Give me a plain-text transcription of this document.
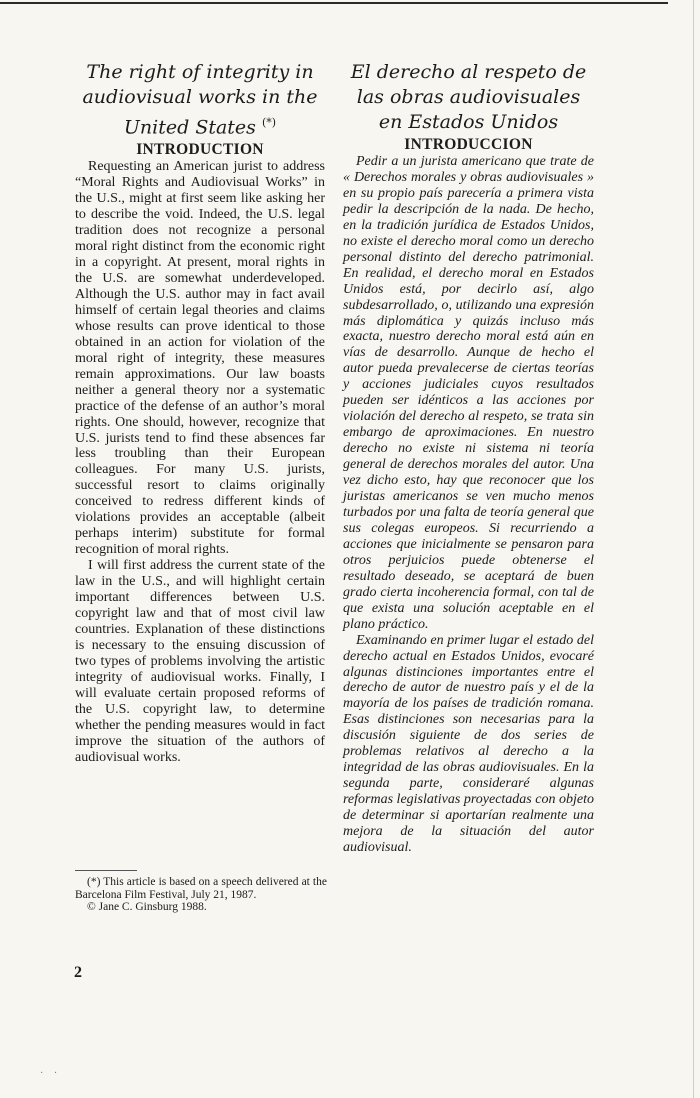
The right of integrity in
audiovisual works in the
United States (*)
INTRODUCTION

Requesting an American jurist to address “Moral Rights and Audiovisual Works” in the U.S., might at first seem like asking her to describe the void. Indeed, the U.S. legal tradition does not recognize a personal moral right distinct from the economic right in a copyright. At present, moral rights in the U.S. are somewhat underdeveloped. Although the U.S. author may in fact avail himself of certain legal theories and claims whose results can prove identical to those obtained in an action for violation of the moral right of integrity, these measures remain approximations. Our law boasts neither a general theory nor a systematic practice of the defense of an author’s moral rights. One should, however, recognize that U.S. jurists tend to find these absences far less troubling than their European colleagues. For many U.S. jurists, successful resort to claims originally conceived to redress different kinds of violations provides an acceptable (albeit perhaps interim) substitute for formal recognition of moral rights.

I will first address the current state of the law in the U.S., and will highlight certain important differences between U.S. copyright law and that of most civil law countries. Explanation of these distinctions is necessary to the ensuing discussion of two types of problems involving the artistic integrity of audiovisual works. Finally, I will evaluate certain proposed reforms of the U.S. copyright law, to determine whether the pending measures would in fact improve the situation of the authors of audiovisual works.

El derecho al respeto de
las obras audiovisuales
en Estados Unidos
INTRODUCCION

Pedir a un jurista americano que trate de « Derechos morales y obras audiovisuales » en su propio país parecería a primera vista pedir la descripción de la nada. De hecho, en la tradición jurídica de Estados Unidos, no existe el derecho moral como un derecho personal distinto del derecho patrimonial. En realidad, el derecho moral en Estados Unidos está, por decirlo así, algo subdesarrollado, o, utilizando una expresión más diplomática y quizás incluso más exacta, nuestro derecho moral está aún en vías de desarrollo. Aunque de hecho el autor pueda prevalecerse de ciertas teorías y acciones judiciales cuyos resultados pueden ser idénticos a las acciones por violación del derecho al respeto, se trata sin embargo de aproximaciones. En nuestro derecho no existe ni sistema ni teoría general de derechos morales del autor. Una vez dicho esto, hay que reconocer que los juristas americanos se ven mucho menos turbados por una falta de teoría general que sus colegas europeos. Si recurriendo a acciones que inicialmente se pensaron para otros perjuicios puede obtenerse el resultado deseado, se aceptará de buen grado cierta incoherencia formal, con tal de que exista una solución aceptable en el plano práctico.

Examinando en primer lugar el estado del derecho actual en Estados Unidos, evocaré algunas distinciones importantes entre el derecho de autor de nuestro país y el de la mayoría de los países de tradición romana. Esas distinciones son necesarias para la discusión siguiente de dos series de problemas relativos al derecho a la integridad de las obras audiovisuales. En la segunda parte, consideraré algunas reformas legislativas proyectadas con objeto de determinar si aportarían realmente una mejora de la situación del autor audiovisual.

(*) This article is based on a speech delivered at the Barcelona Film Festival, July 21, 1987.

© Jane C. Ginsburg 1988.

2
· ·
